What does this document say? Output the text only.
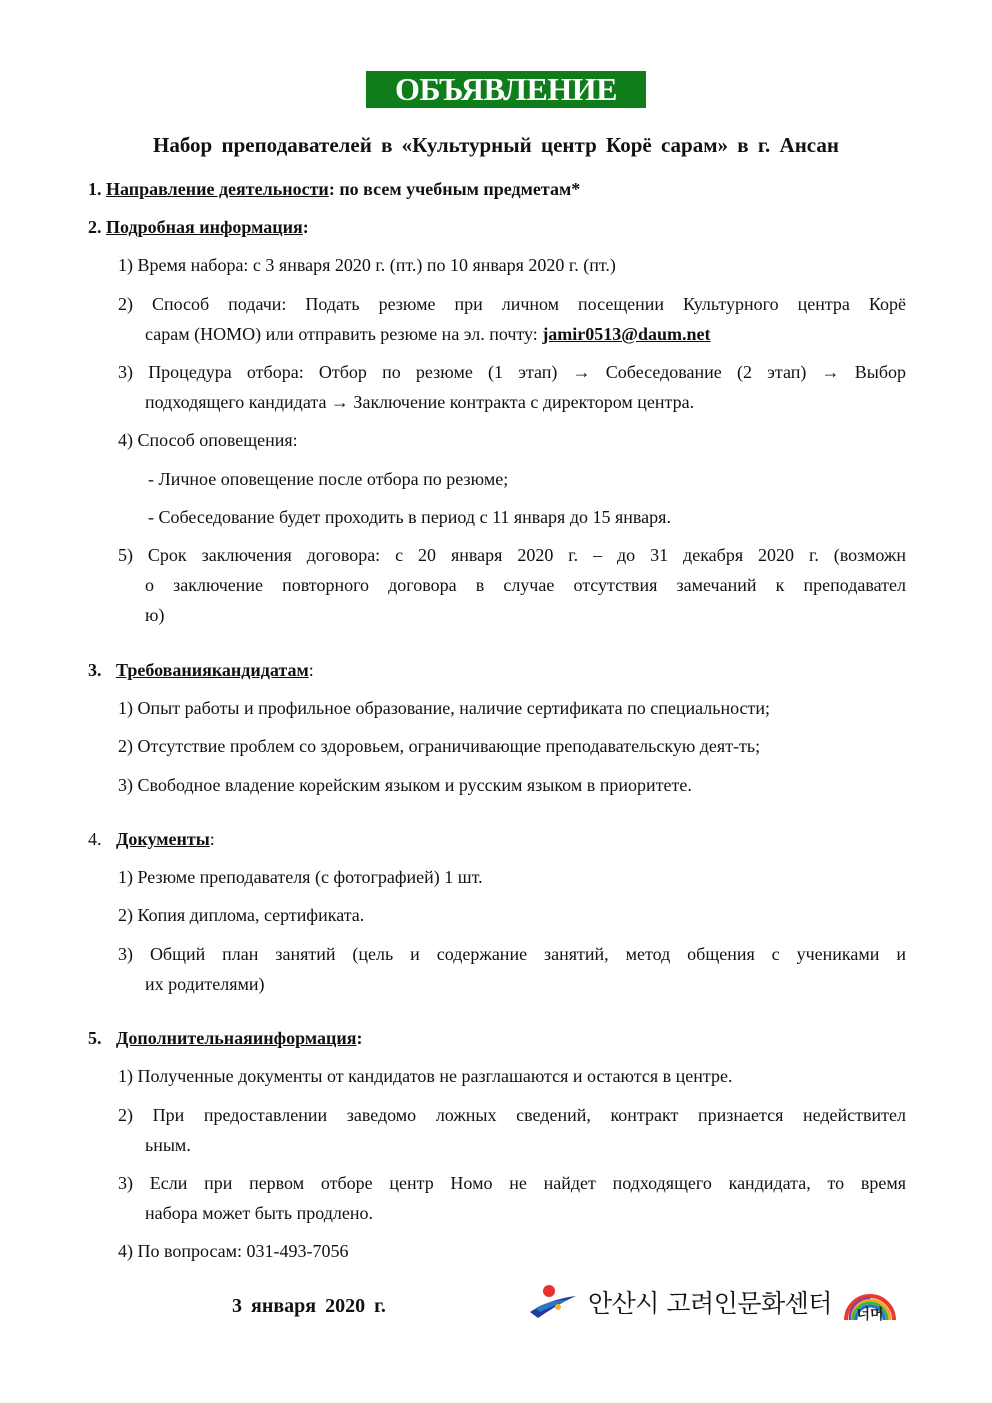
ОБЪЯВЛЕНИЕ
Набор преподавателей в «Культурный центр Корё сарам» в г. Ансан
1. Направление деятельности: по всем учебным предметам*
2. Подробная информация:
1) Время набора: с 3 января 2020 г. (пт.) по 10 января 2020 г. (пт.)
2) Способ подачи: Подать резюме при личном посещении Культурного центра Корё
сарам (HOMO) или отправить резюме на эл. почту: jamir0513@daum.net
3) Процедура отбора: Отбор по резюме (1 этап) → Собеседование (2 этап) → Выбор
подходящего кандидата → Заключение контракта с директором центра.
4) Способ оповещения:
- Личное оповещение после отбора по резюме;
- Собеседование будет проходить в период с 11 января до 15 января.
5) Срок заключения договора: с 20 января 2020 г. – до 31 декабря 2020 г. (возможн
о заключение повторного договора в случае отсутствия замечаний к преподавател
ю)
3. Требованиякандидатам:
1) Опыт работы и профильное образование, наличие сертификата по специальности;
2) Отсутствие проблем со здоровьем, ограничивающие преподавательскую деят-ть;
3) Свободное владение корейским языком и русским языком в приоритете.
4. Документы:
1) Резюме преподавателя (с фотографией) 1 шт.
2) Копия диплома, сертификата.
3) Общий план занятий (цель и содержание занятий, метод общения с учениками и
их родителями)
5. Дополнительнаяинформация:
1) Полученные документы от кандидатов не разглашаются и остаются в центре.
2) При предоставлении заведомо ложных сведений, контракт признается недействител
ьным.
3) Если при первом отборе центр Номо не найдет подходящего кандидата, то время
набора может быть продлено.
4) По вопросам: 031-493-7056
3 января 2020 г.	안산시 고려인문화센터 너머
